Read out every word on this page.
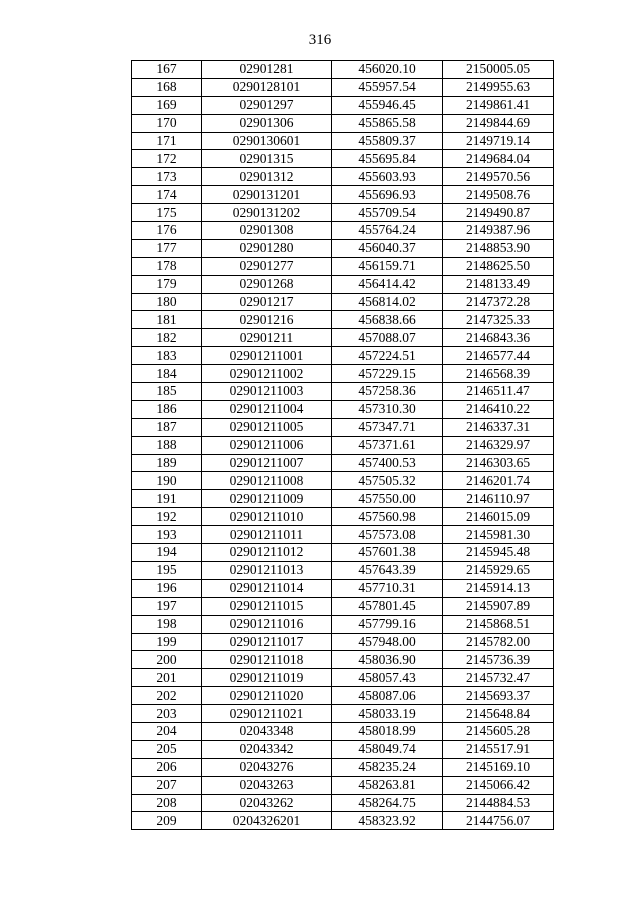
316
167	02901281	456020.10	2150005.05
168	0290128101	455957.54	2149955.63
169	02901297	455946.45	2149861.41
170	02901306	455865.58	2149844.69
171	0290130601	455809.37	2149719.14
172	02901315	455695.84	2149684.04
173	02901312	455603.93	2149570.56
174	0290131201	455696.93	2149508.76
175	0290131202	455709.54	2149490.87
176	02901308	455764.24	2149387.96
177	02901280	456040.37	2148853.90
178	02901277	456159.71	2148625.50
179	02901268	456414.42	2148133.49
180	02901217	456814.02	2147372.28
181	02901216	456838.66	2147325.33
182	02901211	457088.07	2146843.36
183	02901211001	457224.51	2146577.44
184	02901211002	457229.15	2146568.39
185	02901211003	457258.36	2146511.47
186	02901211004	457310.30	2146410.22
187	02901211005	457347.71	2146337.31
188	02901211006	457371.61	2146329.97
189	02901211007	457400.53	2146303.65
190	02901211008	457505.32	2146201.74
191	02901211009	457550.00	2146110.97
192	02901211010	457560.98	2146015.09
193	02901211011	457573.08	2145981.30
194	02901211012	457601.38	2145945.48
195	02901211013	457643.39	2145929.65
196	02901211014	457710.31	2145914.13
197	02901211015	457801.45	2145907.89
198	02901211016	457799.16	2145868.51
199	02901211017	457948.00	2145782.00
200	02901211018	458036.90	2145736.39
201	02901211019	458057.43	2145732.47
202	02901211020	458087.06	2145693.37
203	02901211021	458033.19	2145648.84
204	02043348	458018.99	2145605.28
205	02043342	458049.74	2145517.91
206	02043276	458235.24	2145169.10
207	02043263	458263.81	2145066.42
208	02043262	458264.75	2144884.53
209	0204326201	458323.92	2144756.07
